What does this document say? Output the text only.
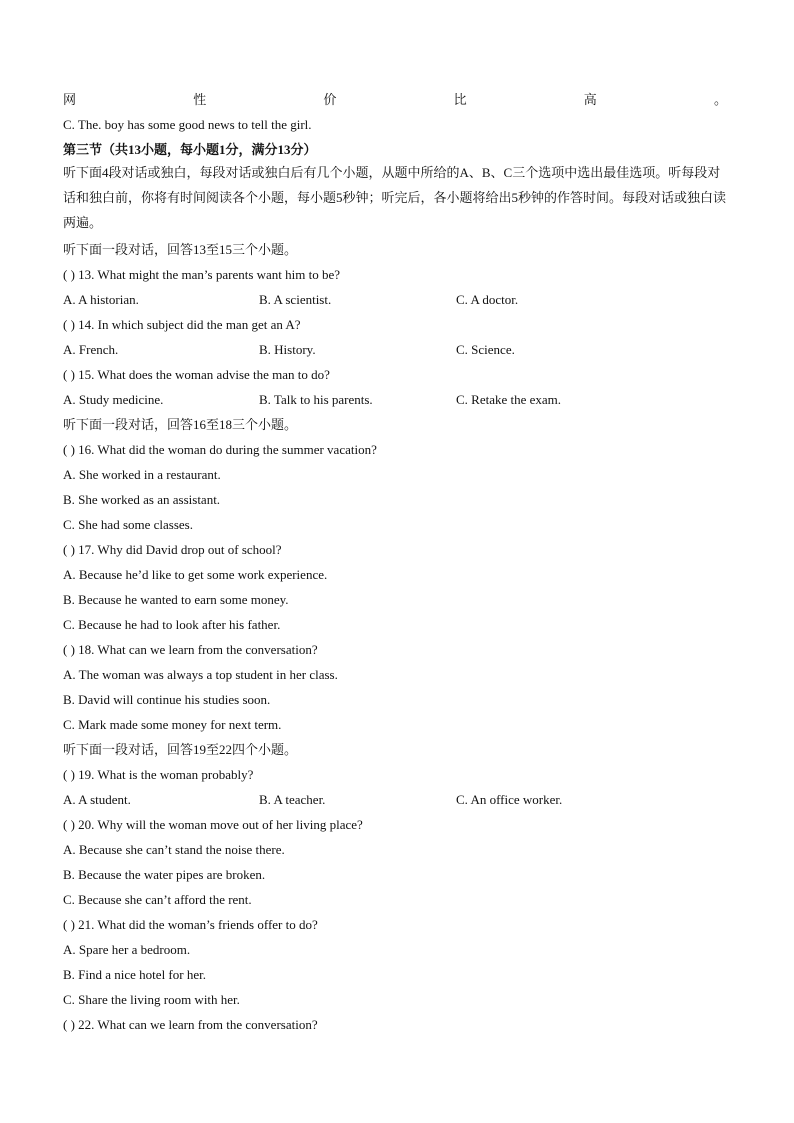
网	性	价	比	高	。
C. The. boy has some good news to tell the girl.
第三节（共13小题，每小题1分，满分13分）
听下面4段对话或独白，每段对话或独白后有几个小题，从题中所给的A、B、C三个选项中选出最佳选项。听每段对话和独白前，你将有时间阅读各个小题，每小题5秒钟；听完后，各小题将给出5秒钟的作答时间。每段对话或独白读两遍。
听下面一段对话，回答13至15三个小题。
( ) 13. What might the man’s parents want him to be?
A. A historian.	B. A scientist.	C. A doctor.
( ) 14. In which subject did the man get an A?
A. French.	B. History.	C. Science.
( ) 15. What does the woman advise the man to do?
A. Study medicine.	B. Talk to his parents.	C. Retake the exam.
听下面一段对话，回答16至18三个小题。
( ) 16. What did the woman do during the summer vacation?
A. She worked in a restaurant.
B. She worked as an assistant.
C. She had some classes.
( ) 17. Why did David drop out of school?
A. Because he’d like to get some work experience.
B. Because he wanted to earn some money.
C. Because he had to look after his father.
( ) 18. What can we learn from the conversation?
A. The woman was always a top student in her class.
B. David will continue his studies soon.
C. Mark made some money for next term.
听下面一段对话，回答19至22四个小题。
( ) 19. What is the woman probably?
A. A student.	B. A teacher.	C. An office worker.
( ) 20. Why will the woman move out of her living place?
A. Because she can’t stand the noise there.
B. Because the water pipes are broken.
C. Because she can’t afford the rent.
( ) 21. What did the woman’s friends offer to do?
A. Spare her a bedroom.
B. Find a nice hotel for her.
C. Share the living room with her.
( ) 22. What can we learn from the conversation?
